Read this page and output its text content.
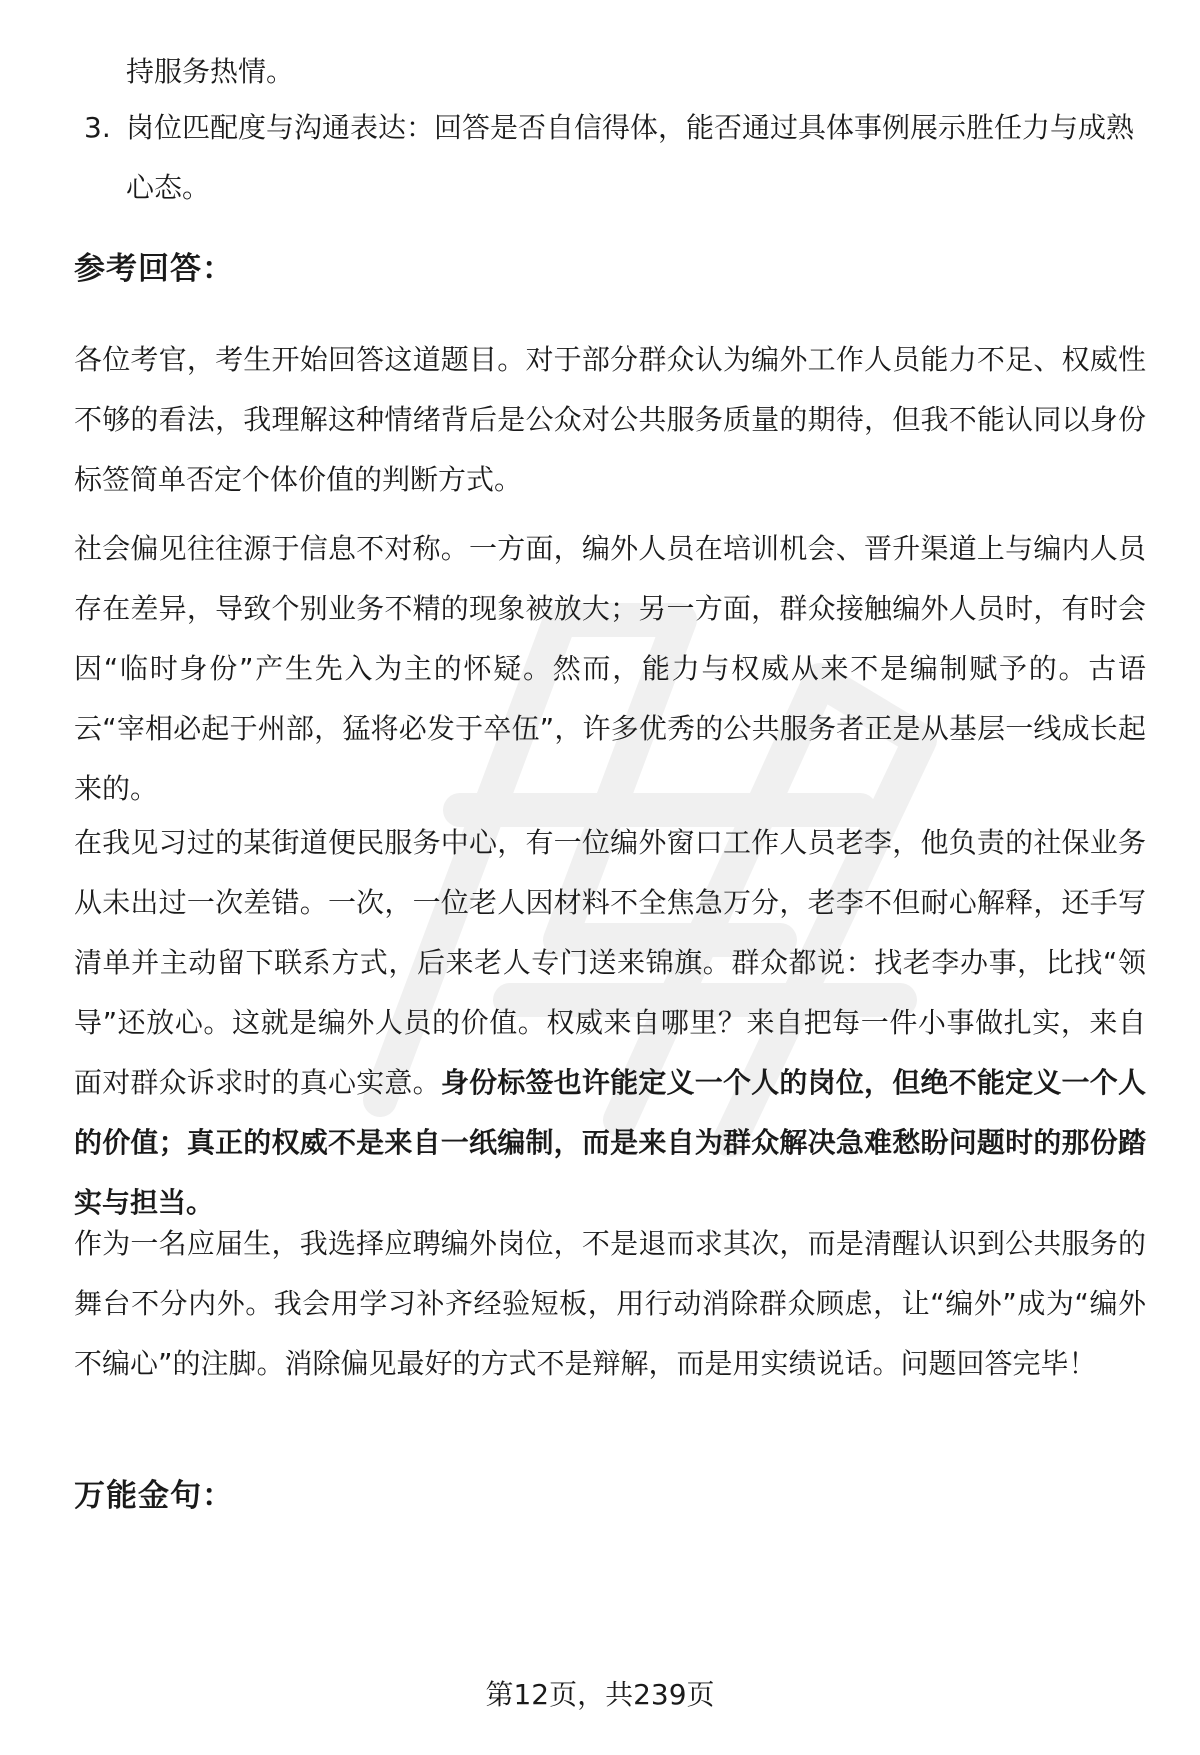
持服务热情。
3. 岗位匹配度与沟通表达：回答是否自信得体，能否通过具体事例展示胜任力与成熟心态。
参考回答：
各位考官，考生开始回答这道题目。对于部分群众认为编外工作人员能力不足、权威性不够的看法，我理解这种情绪背后是公众对公共服务质量的期待，但我不能认同以身份标签简单否定个体价值的判断方式。
社会偏见往往源于信息不对称。一方面，编外人员在培训机会、晋升渠道上与编内人员存在差异，导致个别业务不精的现象被放大；另一方面，群众接触编外人员时，有时会因“临时身份”产生先入为主的怀疑。然而，能力与权威从来不是编制赋予的。古语云“宰相必起于州部，猛将必发于卒伍”，许多优秀的公共服务者正是从基层一线成长起来的。
在我见习过的某街道便民服务中心，有一位编外窗口工作人员老李，他负责的社保业务从未出过一次差错。一次，一位老人因材料不全焦急万分，老李不但耐心解释，还手写清单并主动留下联系方式，后来老人专门送来锦旗。群众都说：找老李办事，比找“领导”还放心。这就是编外人员的价值。权威来自哪里？来自把每一件小事做扎实，来自面对群众诉求时的真心实意。身份标签也许能定义一个人的岗位，但绝不能定义一个人的价值；真正的权威不是来自一纸编制，而是来自为群众解决急难愁盼问题时的那份踏实与担当。
作为一名应届生，我选择应聘编外岗位，不是退而求其次，而是清醒认识到公共服务的舞台不分内外。我会用学习补齐经验短板，用行动消除群众顾虑，让“编外”成为“编外不编心”的注脚。消除偏见最好的方式不是辩解，而是用实绩说话。问题回答完毕！
万能金句：
第12页，共239页
